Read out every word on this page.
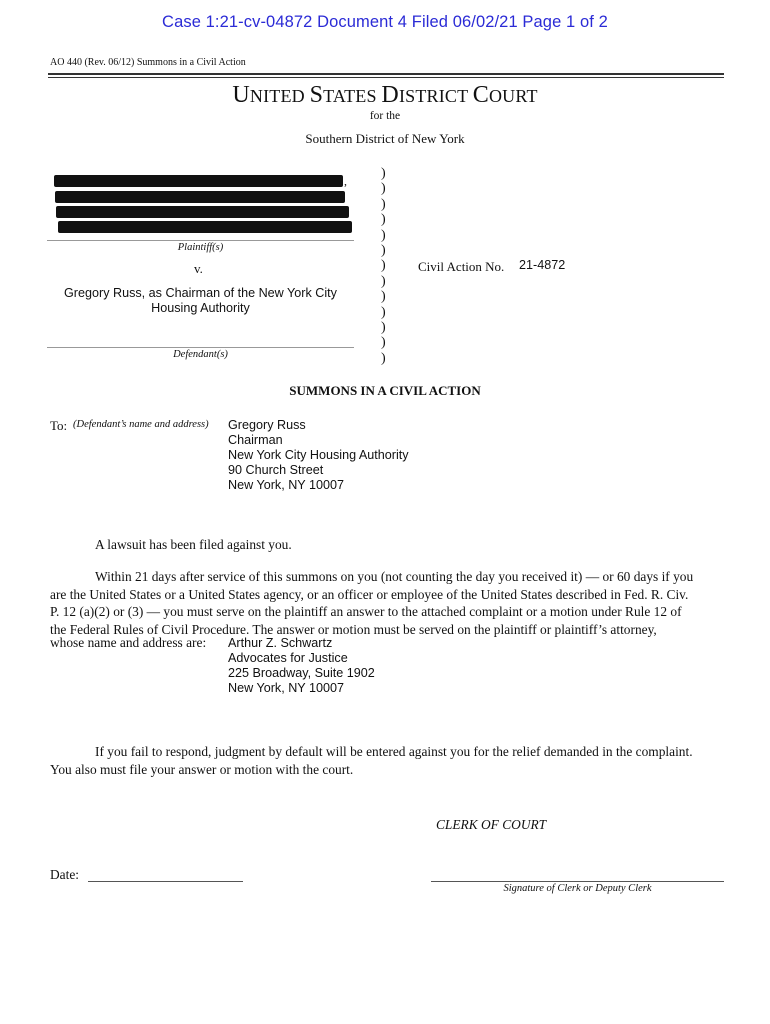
Case 1:21-cv-04872 Document 4 Filed 06/02/21 Page 1 of 2
AO 440 (Rev. 06/12) Summons in a Civil Action
UNITED STATES DISTRICT COURT
for the
Southern District of New York
,
Plaintiff(s)
v.
Gregory Russ, as Chairman of the New York City
Housing Authority
Defendant(s)
)
)
)
)
)
)
)
)
)
)
)
)
)
Civil Action No. 21-4872
SUMMONS IN A CIVIL ACTION
To: (Defendant’s name and address) Gregory Russ
Chairman
New York City Housing Authority
90 Church Street
New York, NY 10007
A lawsuit has been filed against you.
Within 21 days after service of this summons on you (not counting the day you received it) — or 60 days if you
are the United States or a United States agency, or an officer or employee of the United States described in Fed. R. Civ.
P. 12 (a)(2) or (3) — you must serve on the plaintiff an answer to the attached complaint or a motion under Rule 12 of
the Federal Rules of Civil Procedure. The answer or motion must be served on the plaintiff or plaintiff’s attorney,
whose name and address are: Arthur Z. Schwartz
Advocates for Justice
225 Broadway, Suite 1902
New York, NY 10007
If you fail to respond, judgment by default will be entered against you for the relief demanded in the complaint.
You also must file your answer or motion with the court.
CLERK OF COURT
Date:
Signature of Clerk or Deputy Clerk
